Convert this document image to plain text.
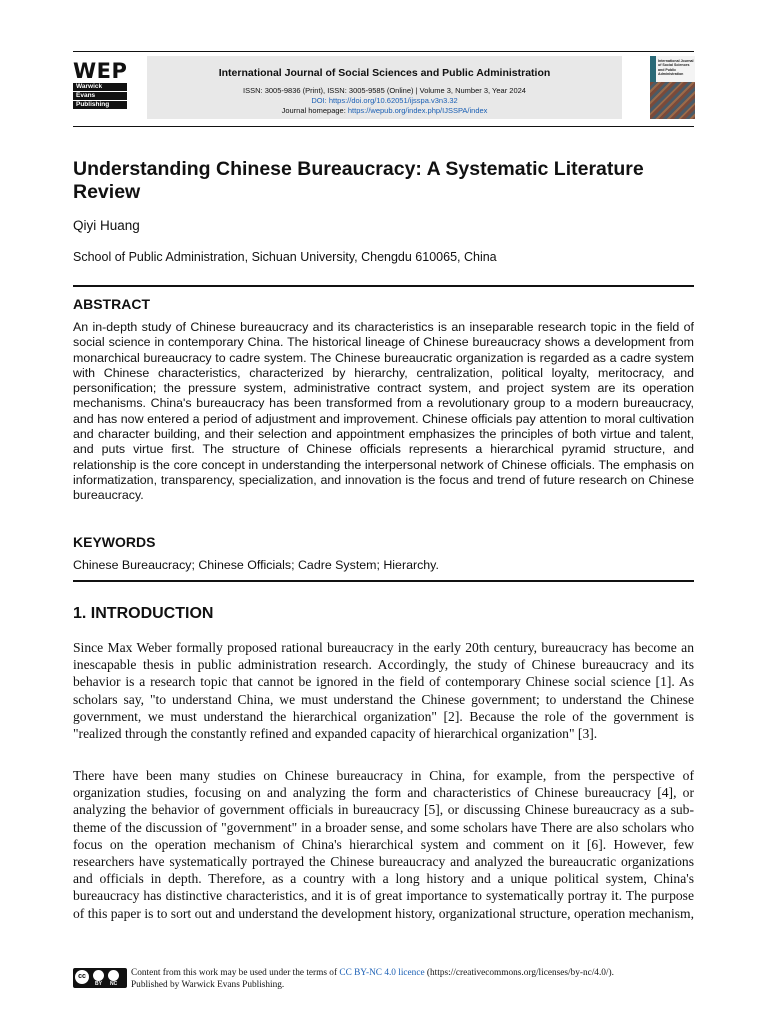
WEP
Warwick
Evans
Publishing
International Journal of Social Sciences and Public Administration
ISSN: 3005-9836 (Print), ISSN: 3005-9585 (Online) | Volume 3, Number 3, Year 2024
DOI: https://doi.org/10.62051/ijsspa.v3n3.32
Journal homepage: https://wepub.org/index.php/IJSSPA/index
International Journal of Social Sciences and Public Administration
Understanding Chinese Bureaucracy: A Systematic Literature Review
Qiyi Huang
School of Public Administration, Sichuan University, Chengdu 610065, China
ABSTRACT
An in-depth study of Chinese bureaucracy and its characteristics is an inseparable research topic in the field of social science in contemporary China. The historical lineage of Chinese bureaucracy shows a development from monarchical bureaucracy to cadre system. The Chinese bureaucratic organization is regarded as a cadre system with Chinese characteristics, characterized by hierarchy, centralization, political loyalty, meritocracy, and personification; the pressure system, administrative contract system, and project system are its operation mechanisms. China's bureaucracy has been transformed from a revolutionary group to a modern bureaucracy, and has now entered a period of adjustment and improvement. Chinese officials pay attention to moral cultivation and character building, and their selection and appointment emphasizes the principles of both virtue and talent, and puts virtue first. The structure of Chinese officials represents a hierarchical pyramid structure, and relationship is the core concept in understanding the interpersonal network of Chinese officials. The emphasis on informatization, transparency, specialization, and innovation is the focus and trend of future research on Chinese bureaucracy.
KEYWORDS
Chinese Bureaucracy; Chinese Officials; Cadre System; Hierarchy.
1. INTRODUCTION
Since Max Weber formally proposed rational bureaucracy in the early 20th century, bureaucracy has become an inescapable thesis in public administration research. Accordingly, the study of Chinese bureaucracy and its behavior is a research topic that cannot be ignored in the field of contemporary Chinese social science [1]. As scholars say, "to understand China, we must understand the Chinese government; to understand the Chinese government, we must understand the hierarchical organization" [2]. Because the role of the government is "realized through the constantly refined and expanded capacity of hierarchical organization" [3].
There have been many studies on Chinese bureaucracy in China, for example, from the perspective of organization studies, focusing on and analyzing the form and characteristics of Chinese bureaucracy [4], or analyzing the behavior of government officials in bureaucracy [5], or discussing Chinese bureaucracy as a sub-theme of the discussion of "government" in a broader sense, and some scholars have There are also scholars who focus on the operation mechanism of China's hierarchical system and comment on it [6]. However, few researchers have systematically portrayed the Chinese bureaucracy and analyzed the bureaucratic organizations and officials in depth. Therefore, as a country with a long history and a unique political system, China's bureaucracy has distinctive characteristics, and it is of great importance to systematically portray it. The purpose of this paper is to sort out and understand the development history, organizational structure, operation mechanism,
cc
BY NC
Content from this work may be used under the terms of CC BY-NC 4.0 licence (https://creativecommons.org/licenses/by-nc/4.0/).
Published by Warwick Evans Publishing.
